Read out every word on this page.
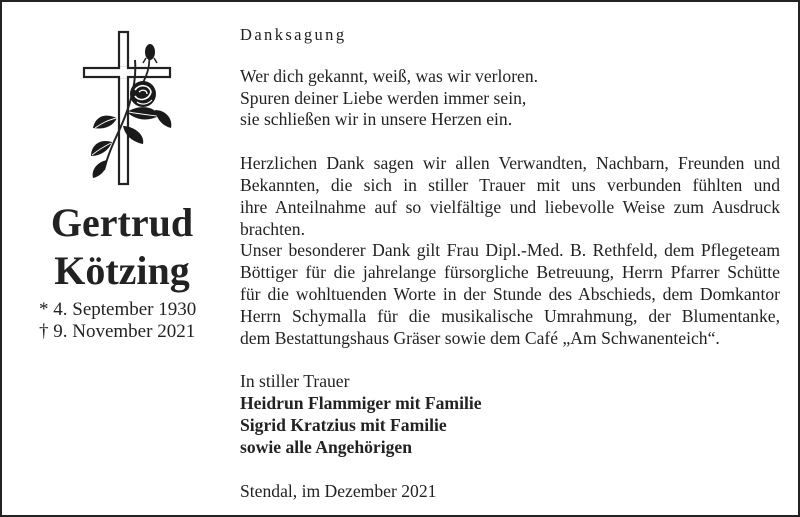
Gertrud
Kötzing
* 4. September 1930
† 9. November 2021
Danksagung
Wer dich gekannt, weiß, was wir verloren.
Spuren deiner Liebe werden immer sein,
sie schließen wir in unsere Herzen ein.
Herzlichen Dank sagen wir allen Verwandten, Nachbarn, Freunden und
Bekannten, die sich in stiller Trauer mit uns verbunden fühlten und
ihre Anteilnahme auf so vielfältige und liebevolle Weise zum Ausdruck
brachten.
Unser besonderer Dank gilt Frau Dipl.-Med. B. Rethfeld, dem Pflegeteam
Böttiger für die jahrelange fürsorgliche Betreuung, Herrn Pfarrer Schütte
für die wohltuenden Worte in der Stunde des Abschieds, dem Domkantor
Herrn Schymalla für die musikalische Umrahmung, der Blumentanke,
dem Bestattungshaus Gräser sowie dem Café „Am Schwanenteich“.
In stiller Trauer
Heidrun Flammiger mit Familie
Sigrid Kratzius mit Familie
sowie alle Angehörigen
Stendal, im Dezember 2021
